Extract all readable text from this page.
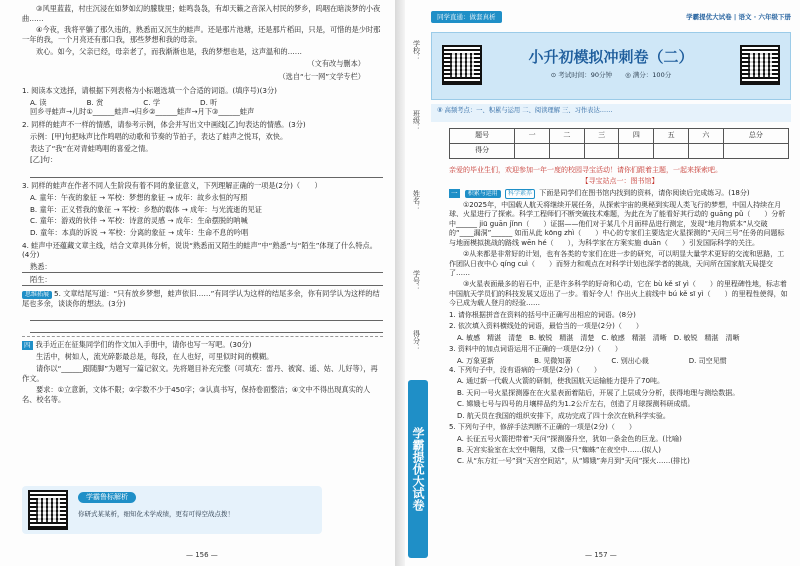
③风里蓝蓝，村庄沉浸在如梦如幻的朦胧里；蛙鸣袅袅，有却天籁之音深入村民的梦乡，呜咽在暗淡梦的小夜曲……

④今夜，我将平躺了那久违的，熟悉而又沉生的蛙声。还是那片池塘，还是那片稻田，只是，可惜的是少时那一年的我，一个月亮还有那口我，那些梦想和我的母亲。

欢心。如今，父亲已经，母亲老了，而我渐渐也是，我的梦想也是，这声温和的……

（文有改与删本）

（选自“七一网”文学专栏）

1. 阅读本文选择，请根据下列表格为小标题选填一个合适的词语。(填序号)(3分)

A. 读	B. 赏	C. 学	D. 听

回乡寻蛙声→儿时①______蛙声→归乡②______蛙声→月下③______蛙声

2. 同样的蛙声不一样的情感，请参考示例，体会并写出文中画线[乙]句表达的情感。(3分)

示例：[甲]句把咏声比作鸣唱的动歌和节奏的节拍子，表达了蛙声之悦耳，欢快。

表达了“我”在对青蛙鸣唱的喜爱之情。

[乙]句：

3. 同样的蛙声在作者不同人生阶段有着不同的象征意义，下列理解正确的一项是(2分)（　　）

A. 童年：午夜的象征 → 军校：梦想的象征 → 成年：故乡永恒的写照

B. 童年：正义哲我的象征 → 军校：乡愁的载体 → 成年：与光流逝的见证

C. 童年：游戏的伙伴 → 军校：诗意的灵感 → 成年：生命摆脱的呐喊

D. 童年：本真的诉说 → 军校：分离的象征 → 成年：生命不息的吟唱

4. 蛙声中还蕴藏文章主线，结合文章具体分析，说说“熟悉而又陌生的蛙声”中“熟悉”与“陌生”体现了什么特点。(4分)

熟悉：

陌生：

思维拓展 5. 文章结尾写道：“只有放乡梦想，蛙声依旧……”有同学认为这样的结尾多余，你有同学认为这样的结尾也多余，谈谈你的想法。(3分)

四 我手近正在征集同学们的作文加入手册中，请你也写一写吧。(30分)

生活中，树如人，流光碎影最总是，每段，在人也好，可里似时间的模糊。

请你以“______跟随脚”为题写一篇记叙文。先将题目补充完整（可填充：雷丹、被窝、遥、姑、儿好等），再作文。

要求：①立意新，文体不限；②字数不少于450字；③认真书写，保持卷面整洁；④文中不得出现真实的人名、校名等。

学霸鲁标解析
你研式某某析，细知化术学成绩，更有可得空战点拨！
— 156 —
学校：
班级：
姓名：
学号：
得分：
学霸提优大试卷
同学直通：做套真析	学霸提优大试卷 | 语文 · 六年级下册
小升初模拟冲刺卷（二）
⊙ 考试时间：90分钟　　 ◎ 满分：100分
⑧ 高频考点：一、积累与运用 二、阅读理解 三、习作表达……
题号	一	二	三	四	五	六	总分
得分							

亲爱的毕业生们，欢迎参加一年一度的校园寻宝活动！请你们跟着主题，一起来探索吧。

【寻宝站点一：图书馆】

一 积累与运用 科学素养 下面是同学们在图书馆内找到的资料，请你阅读后完成练习。(18分)

①2025年，中国载人航天将继续开展任务，从探索宇宙的奥秘到实现人类飞行的梦想，中国人持续在月球、火星进行了探索。科学工程师们不断突破技术难题，为此在为了能看好其行动的 guāng pǔ（　　）分析中______ jiū guān jǐnn（　　）证据——他们对于某几个月面样品进行测定，发现“地月物质本”从交破的“____漏洞”______ 如而从此 kōng zhì（　　）中心的专家们主要选定火星探测的“天问三号”任务的问题标与地面模拟挑战的路线 wēn hé（　　），为科学家在方案实施 duān（　　）引发国际科学的关注。

②从来都是非常好的计划，也有各类的专家们在进一步的研究，可以明显大量学术更好的交流和思路，工作团队日夜中心 qíng cuì（　　）而努力和观点在对科学计划也深学者的挑战，天问所在国家航天局提交了……

③火星表面最多的岩石中，正是许多科学的好奇和心动，它在 bù kě sī yì（　　）的里程碑性地，标志着中国航天学员们的科技发展又迈出了一步。看好令人！作出火上前线中 bú kě sī yì（　　）的里程性使得，如今已成为载人登月的经验……

1. 请你根据拼音在资料的括号中正确写出相应的词语。(8分)

2. 依次填入资料横线处的词语，最恰当的一项是(2分)（　　）

A. 敏感　精湛　清楚　B. 敏锐　精湛　清楚　C. 敏感　精湛　清晰　D. 敏锐　精湛　清晰

3. 资料中的加点词语运用不正确的一项是(2分)（　　）

A. 万象更新	B. 见微知著	C. 别出心裁	D. 司空见惯

4. 下列句子中，没有语病的一项是(2分)（　　）

A. 通过新一代载人火箭的研制，使我国航天运输能力提升了70吨。

B. 天问一号火星探测器在在火星表面着陆后，开展了上层成分分析，获得地理与测绘数据。

C. 嫦娥七号与四号的月壤样品约为1.2公斤左右，创造了月球探测科研成绩。

D. 航天员在我国的组织安排下，成功完成了四十余次在轨科学实验。

5. 下列句子中，修辞手法判断不正确的一项是(2分)（　　）

A. 长征五号火箭把带着“天问”探测器升空，犹如一条金色的巨龙。(比喻)

B. 天宫实验室在太空中翱翔，又像一只“蜘蛛”在夜空中……(拟人)

C. 从“东方红一号”到“天宫空间站”，从“嫦娥”奔月到“天问”探火……(排比)

— 157 —
